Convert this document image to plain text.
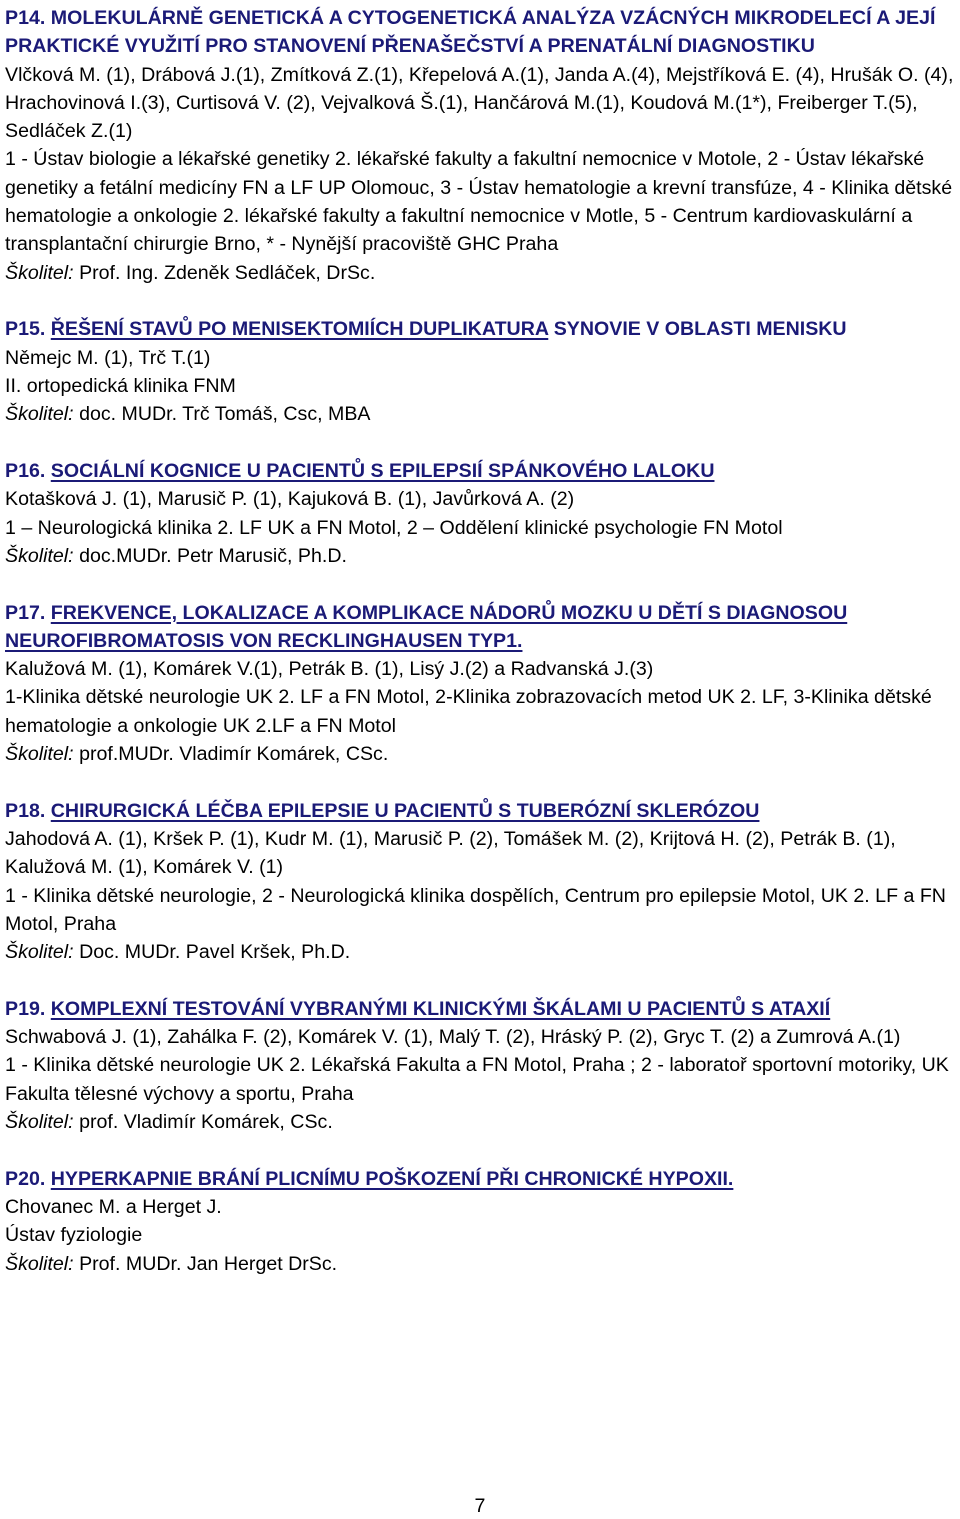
P14. MOLEKULÁRNĚ GENETICKÁ A CYTOGENETICKÁ ANALÝZA VZÁCNÝCH MIKRODELECÍ A JEJÍ PRAKTICKÉ VYUŽITÍ PRO STANOVENÍ PŘENAŠEČSTVÍ A PRENATÁLNÍ DIAGNOSTIKU
Vlčková M. (1), Drábová J.(1), Zmítková Z.(1), Křepelová A.(1), Janda A.(4), Mejstříková E. (4), Hrušák O. (4), Hrachovinová I.(3), Curtisová V. (2), Vejvalková Š.(1), Hančárová M.(1), Koudová M.(1*), Freiberger T.(5), Sedláček Z.(1)
1 - Ústav biologie a lékařské genetiky 2. lékařské fakulty a fakultní nemocnice v Motole, 2 - Ústav lékařské genetiky a fetální medicíny FN a LF UP Olomouc, 3 - Ústav hematologie a krevní transfúze, 4 - Klinika dětské hematologie a onkologie 2. lékařské fakulty a fakultní nemocnice v Motle, 5 - Centrum kardiovaskulární a transplantační chirurgie Brno, * - Nynější pracoviště GHC Praha
Školitel: Prof. Ing. Zdeněk Sedláček, DrSc.
P15. ŘEŠENÍ STAVŮ PO MENISEKTOMIÍCH DUPLIKATURA SYNOVIE V OBLASTI MENISKU
Němejc M. (1), Trč T.(1)
II. ortopedická klinika FNM
Školitel: doc. MUDr. Trč Tomáš, Csc, MBA
P16. SOCIÁLNÍ KOGNICE U PACIENTŮ S EPILEPSIÍ SPÁNKOVÉHO LALOKU
Kotašková J. (1), Marusič P. (1), Kajuková B. (1), Javůrková A. (2)
1 – Neurologická klinika 2. LF UK a FN Motol, 2 – Oddělení klinické psychologie FN Motol
Školitel: doc.MUDr. Petr Marusič, Ph.D.
P17. FREKVENCE, LOKALIZACE A KOMPLIKACE NÁDORŮ MOZKU U DĚTÍ S DIAGNOSOU NEUROFIBROMATOSIS VON RECKLINGHAUSEN TYP1.
Kalužová M. (1), Komárek V.(1), Petrák B. (1), Lisý J.(2) a Radvanská J.(3)
1-Klinika dětské neurologie UK 2. LF a FN Motol, 2-Klinika zobrazovacích metod UK 2. LF, 3-Klinika dětské hematologie a onkologie UK 2.LF a FN Motol
Školitel: prof.MUDr. Vladimír Komárek, CSc.
P18. CHIRURGICKÁ LÉČBA EPILEPSIE U PACIENTŮ S TUBERÓZNÍ SKLERÓZOU
Jahodová A. (1), Kršek P. (1), Kudr M. (1), Marusič P. (2), Tomášek M. (2), Krijtová H. (2), Petrák B. (1), Kalužová M. (1), Komárek V. (1)
1 - Klinika dětské neurologie, 2 - Neurologická klinika dospělích, Centrum pro epilepsie Motol, UK 2. LF a FN Motol, Praha
Školitel: Doc. MUDr. Pavel Kršek, Ph.D.
P19. KOMPLEXNÍ TESTOVÁNÍ VYBRANÝMI KLINICKÝMI ŠKÁLAMI U PACIENTŮ S ATAXIÍ
Schwabová J. (1), Zahálka F. (2), Komárek V. (1), Malý T. (2), Hráský P. (2), Gryc T. (2) a Zumrová A.(1)
1 - Klinika dětské neurologie UK 2. Lékařská Fakulta a FN Motol, Praha ; 2 - laboratoř sportovní motoriky, UK Fakulta tělesné výchovy a sportu, Praha
Školitel: prof. Vladimír Komárek, CSc.
P20. HYPERKAPNIE BRÁNÍ PLICNÍMU POŠKOZENÍ PŘI CHRONICKÉ HYPOXII.
Chovanec M. a Herget J.
Ústav fyziologie
Školitel: Prof. MUDr. Jan Herget DrSc.
7
